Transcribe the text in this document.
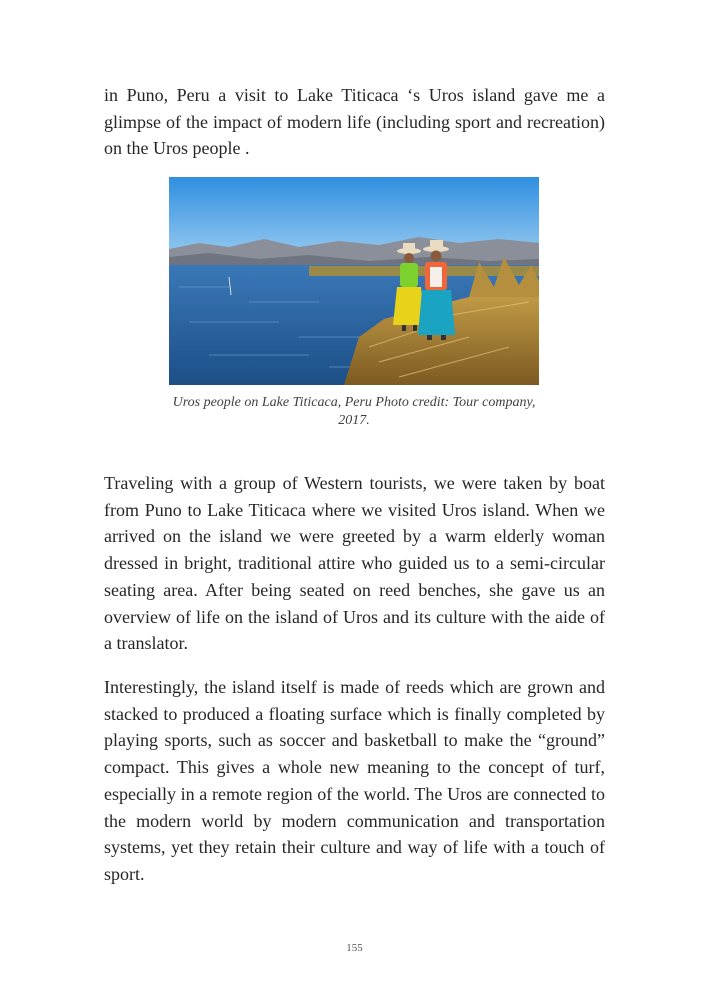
in Puno, Peru a visit to Lake Titicaca ‘s Uros island gave me a glimpse of the impact of modern life (including sport and recreation) on the Uros people .

Uros people on Lake Titicaca, Peru Photo credit: Tour company, 2017.

Traveling with a group of Western tourists, we were taken by boat from Puno to Lake Titicaca where we visited Uros island. When we arrived on the island we were greeted by a warm elderly woman dressed in bright, traditional attire who guided us to a semi-circular seating area. After being seated on reed benches, she gave us an overview of life on the island of Uros and its culture with the aide of a translator.

Interestingly, the island itself is made of reeds which are grown and stacked to produced a floating surface which is finally completed by playing sports, such as soccer and basketball to make the “ground” compact. This gives a whole new meaning to the concept of turf, especially in a remote region of the world. The Uros are connected to the modern world by modern communication and transportation systems, yet they retain their culture and way of life with a touch of sport.

155
